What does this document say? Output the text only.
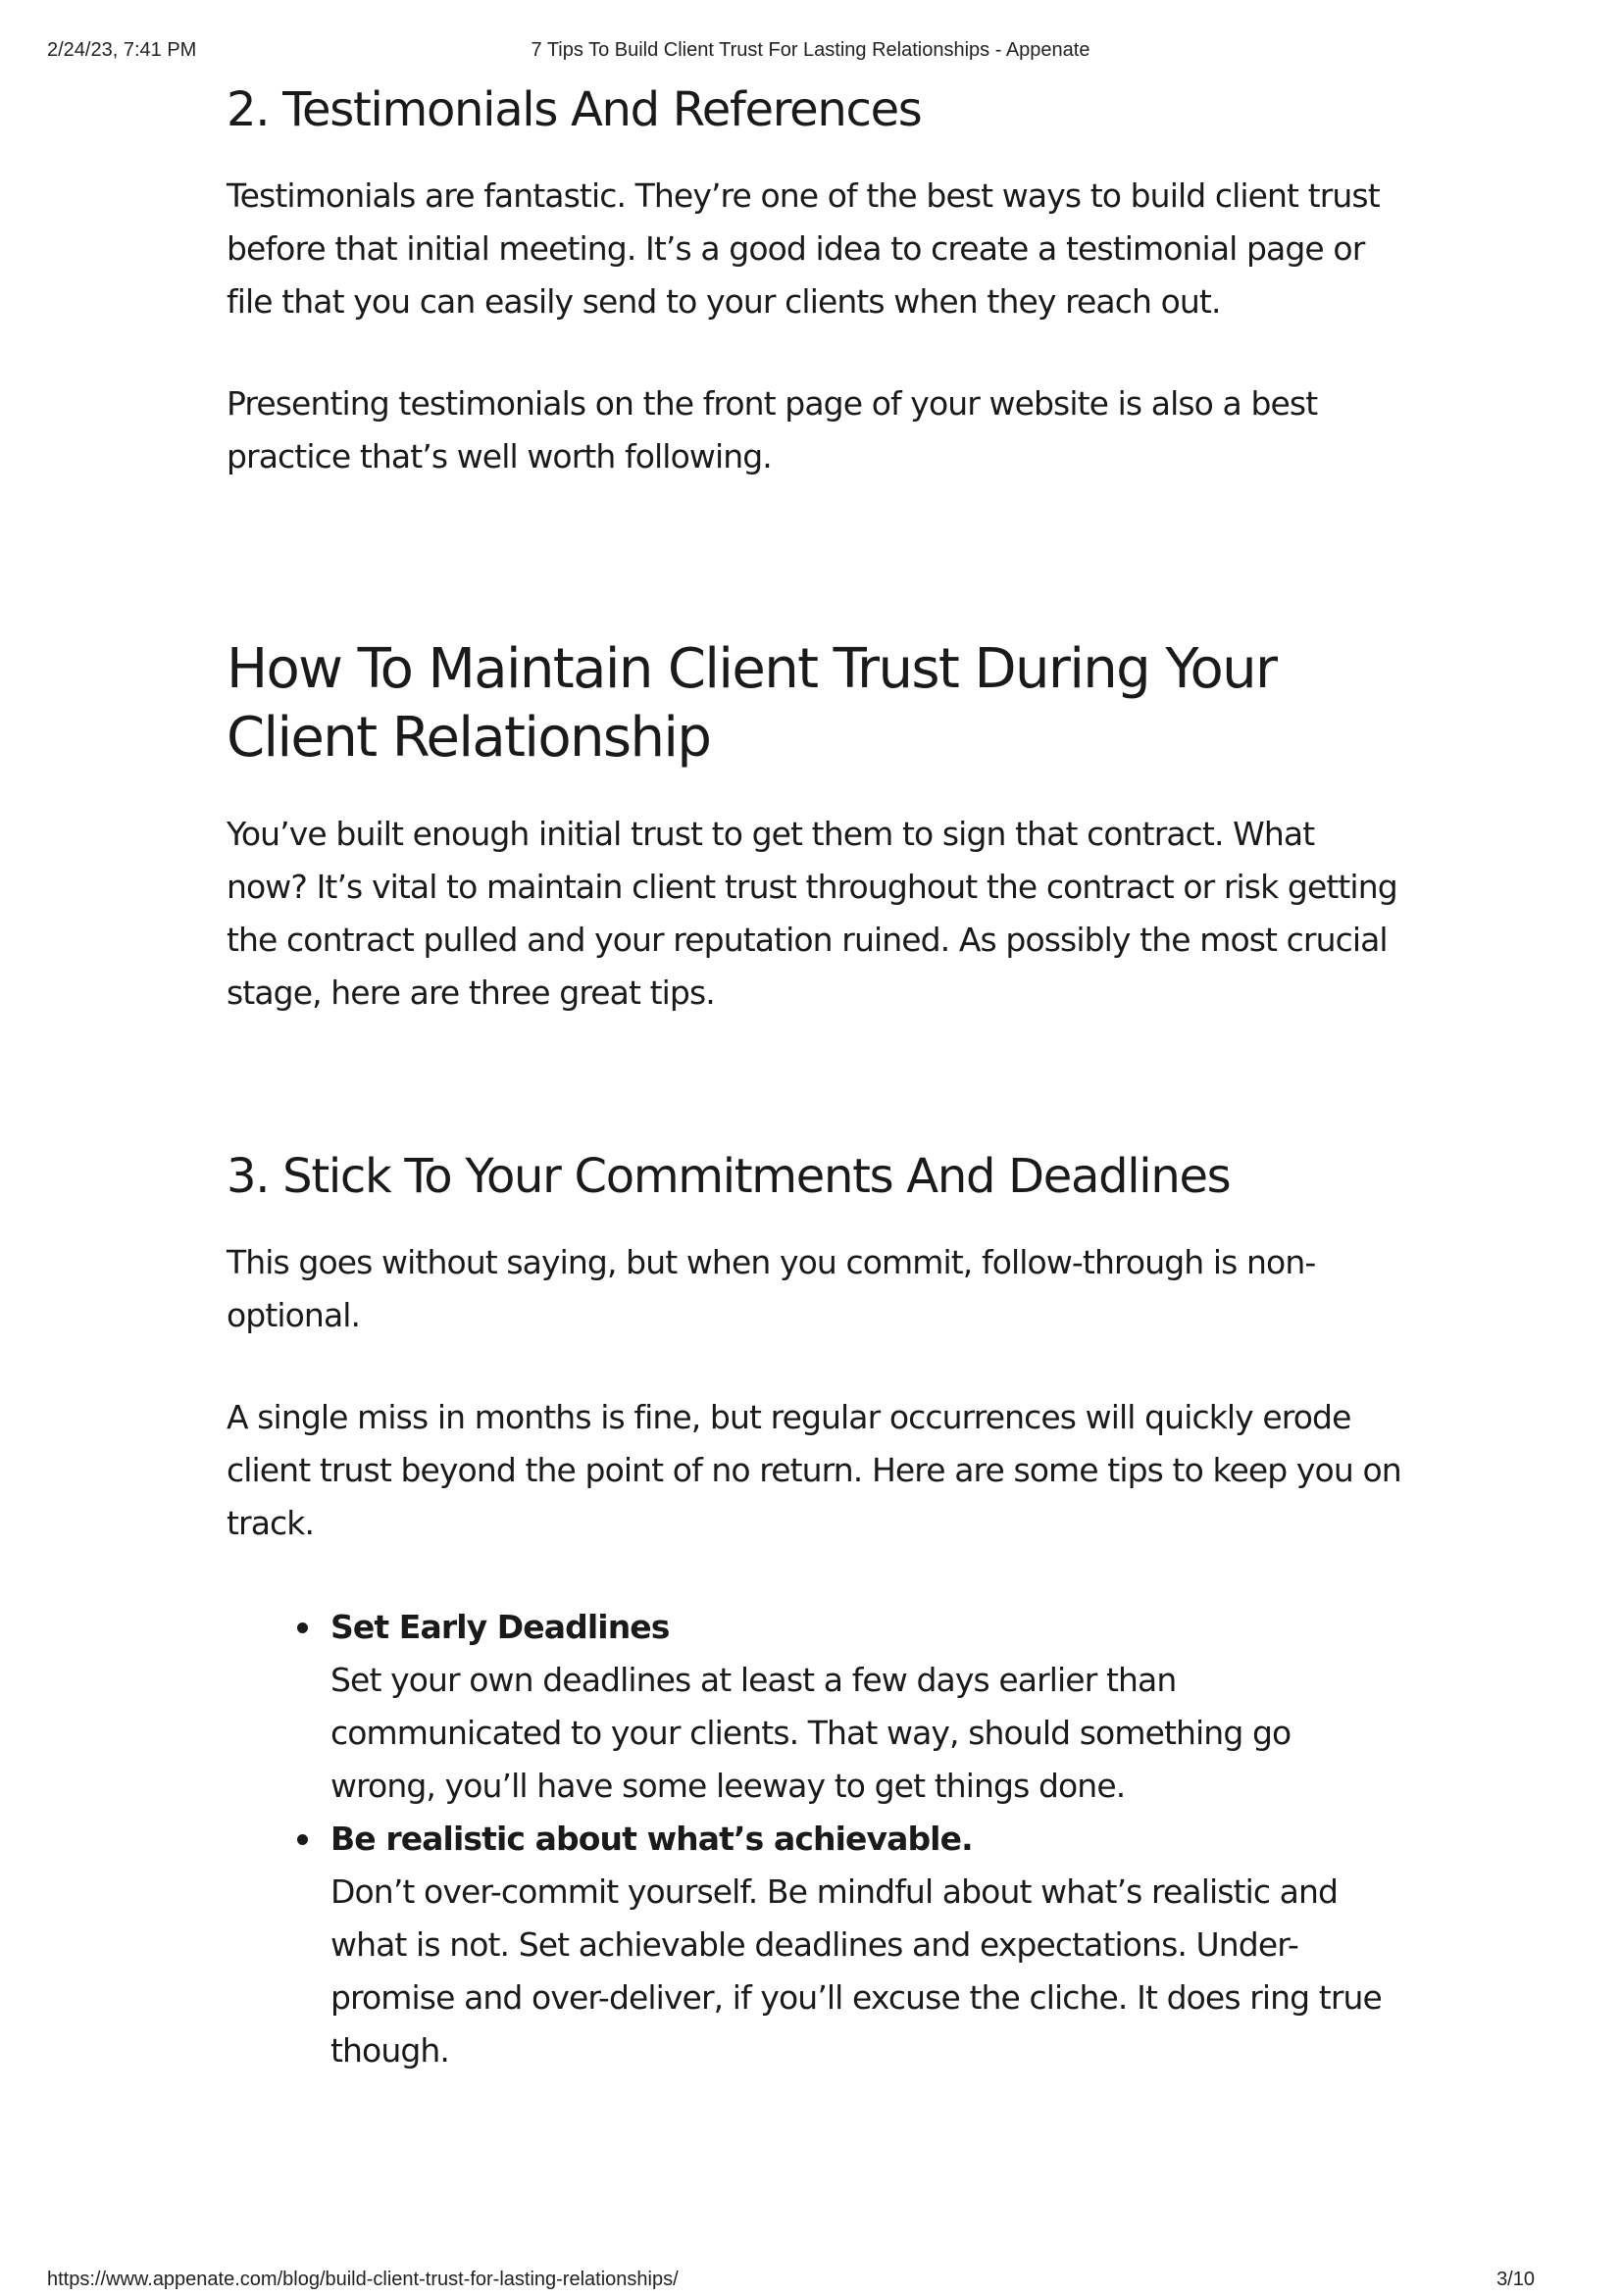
2/24/23, 7:41 PM	7 Tips To Build Client Trust For Lasting Relationships - Appenate
2. Testimonials And References

Testimonials are fantastic. They’re one of the best ways to build client trust before that initial meeting. It’s a good idea to create a testimonial page or file that you can easily send to your clients when they reach out.

Presenting testimonials on the front page of your website is also a best practice that’s well worth following.

How To Maintain Client Trust During Your Client Relationship

You’ve built enough initial trust to get them to sign that contract. What now? It’s vital to maintain client trust throughout the contract or risk getting the contract pulled and your reputation ruined. As possibly the most crucial stage, here are three great tips.

3. Stick To Your Commitments And Deadlines

This goes without saying, but when you commit, follow-through is non-optional.

A single miss in months is fine, but regular occurrences will quickly erode client trust beyond the point of no return. Here are some tips to keep you on track.

Set Early Deadlines
Set your own deadlines at least a few days earlier than communicated to your clients. That way, should something go wrong, you’ll have some leeway to get things done.
Be realistic about what’s achievable.
Don’t over-commit yourself. Be mindful about what’s realistic and what is not. Set achievable deadlines and expectations. Under-promise and over-deliver, if you’ll excuse the cliche. It does ring true though.
https://www.appenate.com/blog/build-client-trust-for-lasting-relationships/	3/10
